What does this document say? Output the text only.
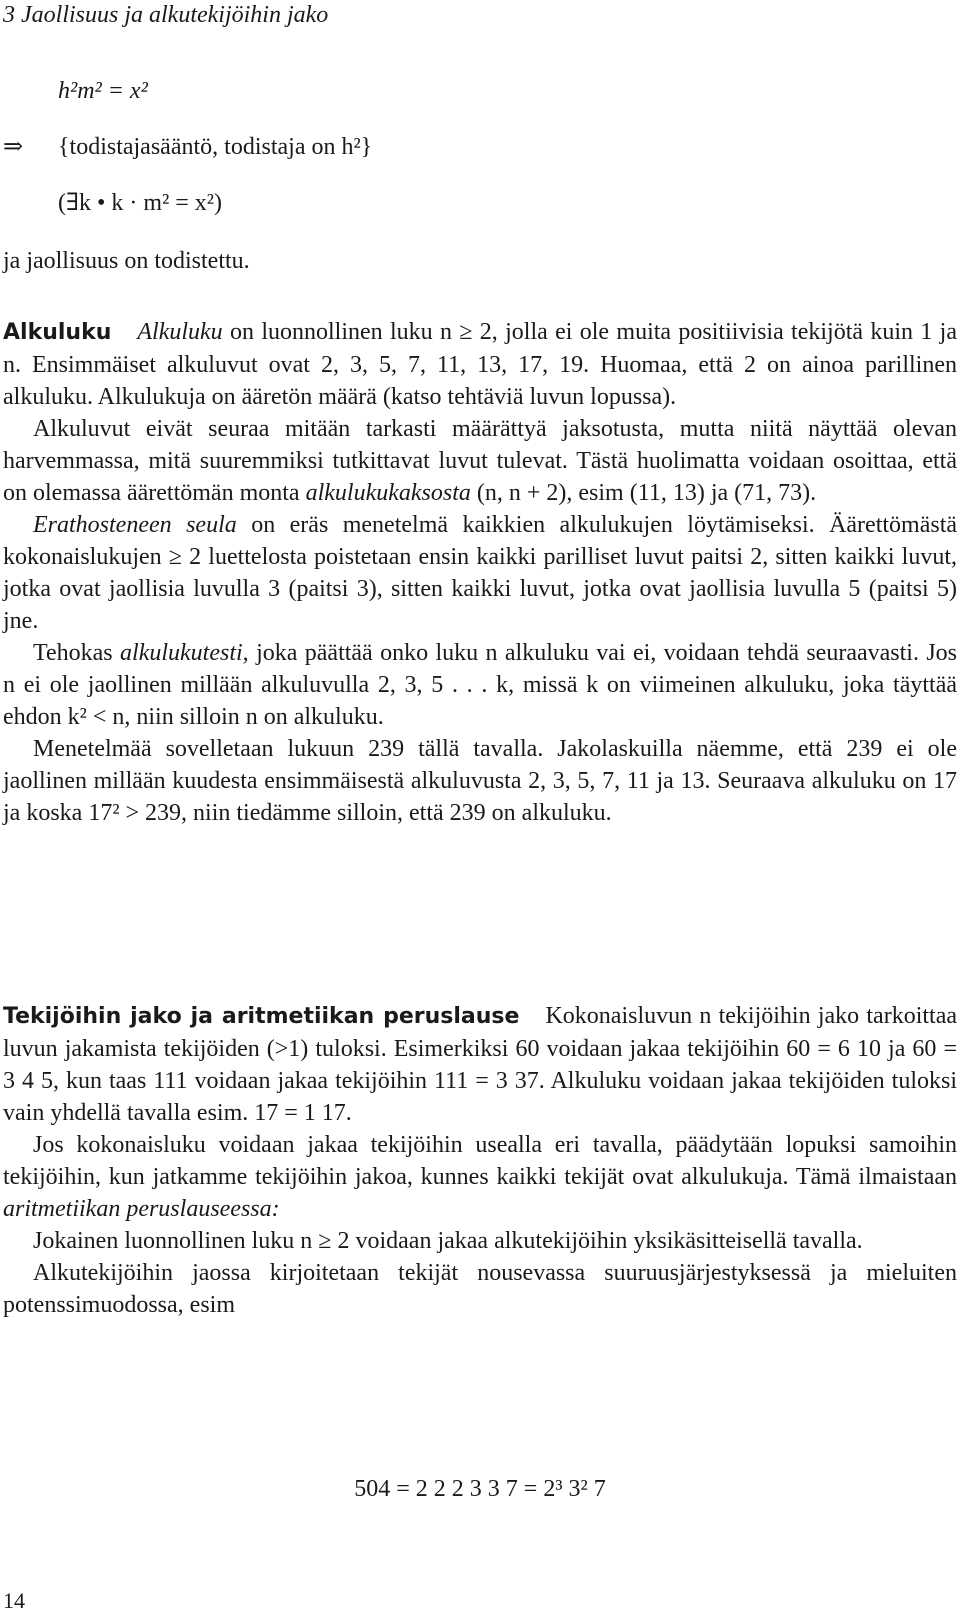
3 Jaollisuus ja alkutekijöihin jako
h²m² = x²
⇒ {todistajasääntö, todistaja on h²}
(∃k • k · m² = x²)
ja jaollisuus on todistettu.

Alkuluku Alkuluku on luonnollinen luku n ≥ 2, jolla ei ole muita positiivisia tekijötä kuin 1 ja n. Ensimmäiset alkuluvut ovat 2, 3, 5, 7, 11, 13, 17, 19. Huomaa, että 2 on ainoa parillinen alkuluku. Alkulukuja on ääretön määrä (katso tehtäviä luvun lopussa).

Alkuluvut eivät seuraa mitään tarkasti määrättyä jaksotusta, mutta niitä näyttää olevan harvemmassa, mitä suuremmiksi tutkittavat luvut tulevat. Tästä huolimatta voidaan osoittaa, että on olemassa äärettömän monta alkulukukaksosta (n, n + 2), esim (11, 13) ja (71, 73).

Erathosteneen seula on eräs menetelmä kaikkien alkulukujen löytämiseksi. Äärettömästä kokonaislukujen ≥ 2 luettelosta poistetaan ensin kaikki parilliset luvut paitsi 2, sitten kaikki luvut, jotka ovat jaollisia luvulla 3 (paitsi 3), sitten kaikki luvut, jotka ovat jaollisia luvulla 5 (paitsi 5) jne.

Tehokas alkulukutesti, joka päättää onko luku n alkuluku vai ei, voidaan tehdä seuraavasti. Jos n ei ole jaollinen millään alkuluvulla 2, 3, 5 . . . k, missä k on viimeinen alkuluku, joka täyttää ehdon k² < n, niin silloin n on alkuluku.

Menetelmää sovelletaan lukuun 239 tällä tavalla. Jakolaskuilla näemme, että 239 ei ole jaollinen millään kuudesta ensimmäisestä alkuluvusta 2, 3, 5, 7, 11 ja 13. Seuraava alkuluku on 17 ja koska 17² > 239, niin tiedämme silloin, että 239 on alkuluku.

Tekijöihin jako ja aritmetiikan peruslause Kokonaisluvun n tekijöihin jako tarkoittaa luvun jakamista tekijöiden (>1) tuloksi. Esimerkiksi 60 voidaan jakaa tekijöihin 60 = 6 10 ja 60 = 3 4 5, kun taas 111 voidaan jakaa tekijöihin 111 = 3 37. Alkuluku voidaan jakaa tekijöiden tuloksi vain yhdellä tavalla esim. 17 = 1 17.

Jos kokonaisluku voidaan jakaa tekijöihin usealla eri tavalla, päädytään lopuksi samoihin tekijöihin, kun jatkamme tekijöihin jakoa, kunnes kaikki tekijät ovat alkulukuja. Tämä ilmaistaan aritmetiikan peruslauseessa:

Jokainen luonnollinen luku n ≥ 2 voidaan jakaa alkutekijöihin yksikäsitteisellä tavalla.

Alkutekijöihin jaossa kirjoitetaan tekijät nousevassa suuruusjärjestyksessä ja mieluiten potenssimuodossa, esim

504 = 2 2 2 3 3 7 = 2³ 3² 7
14
